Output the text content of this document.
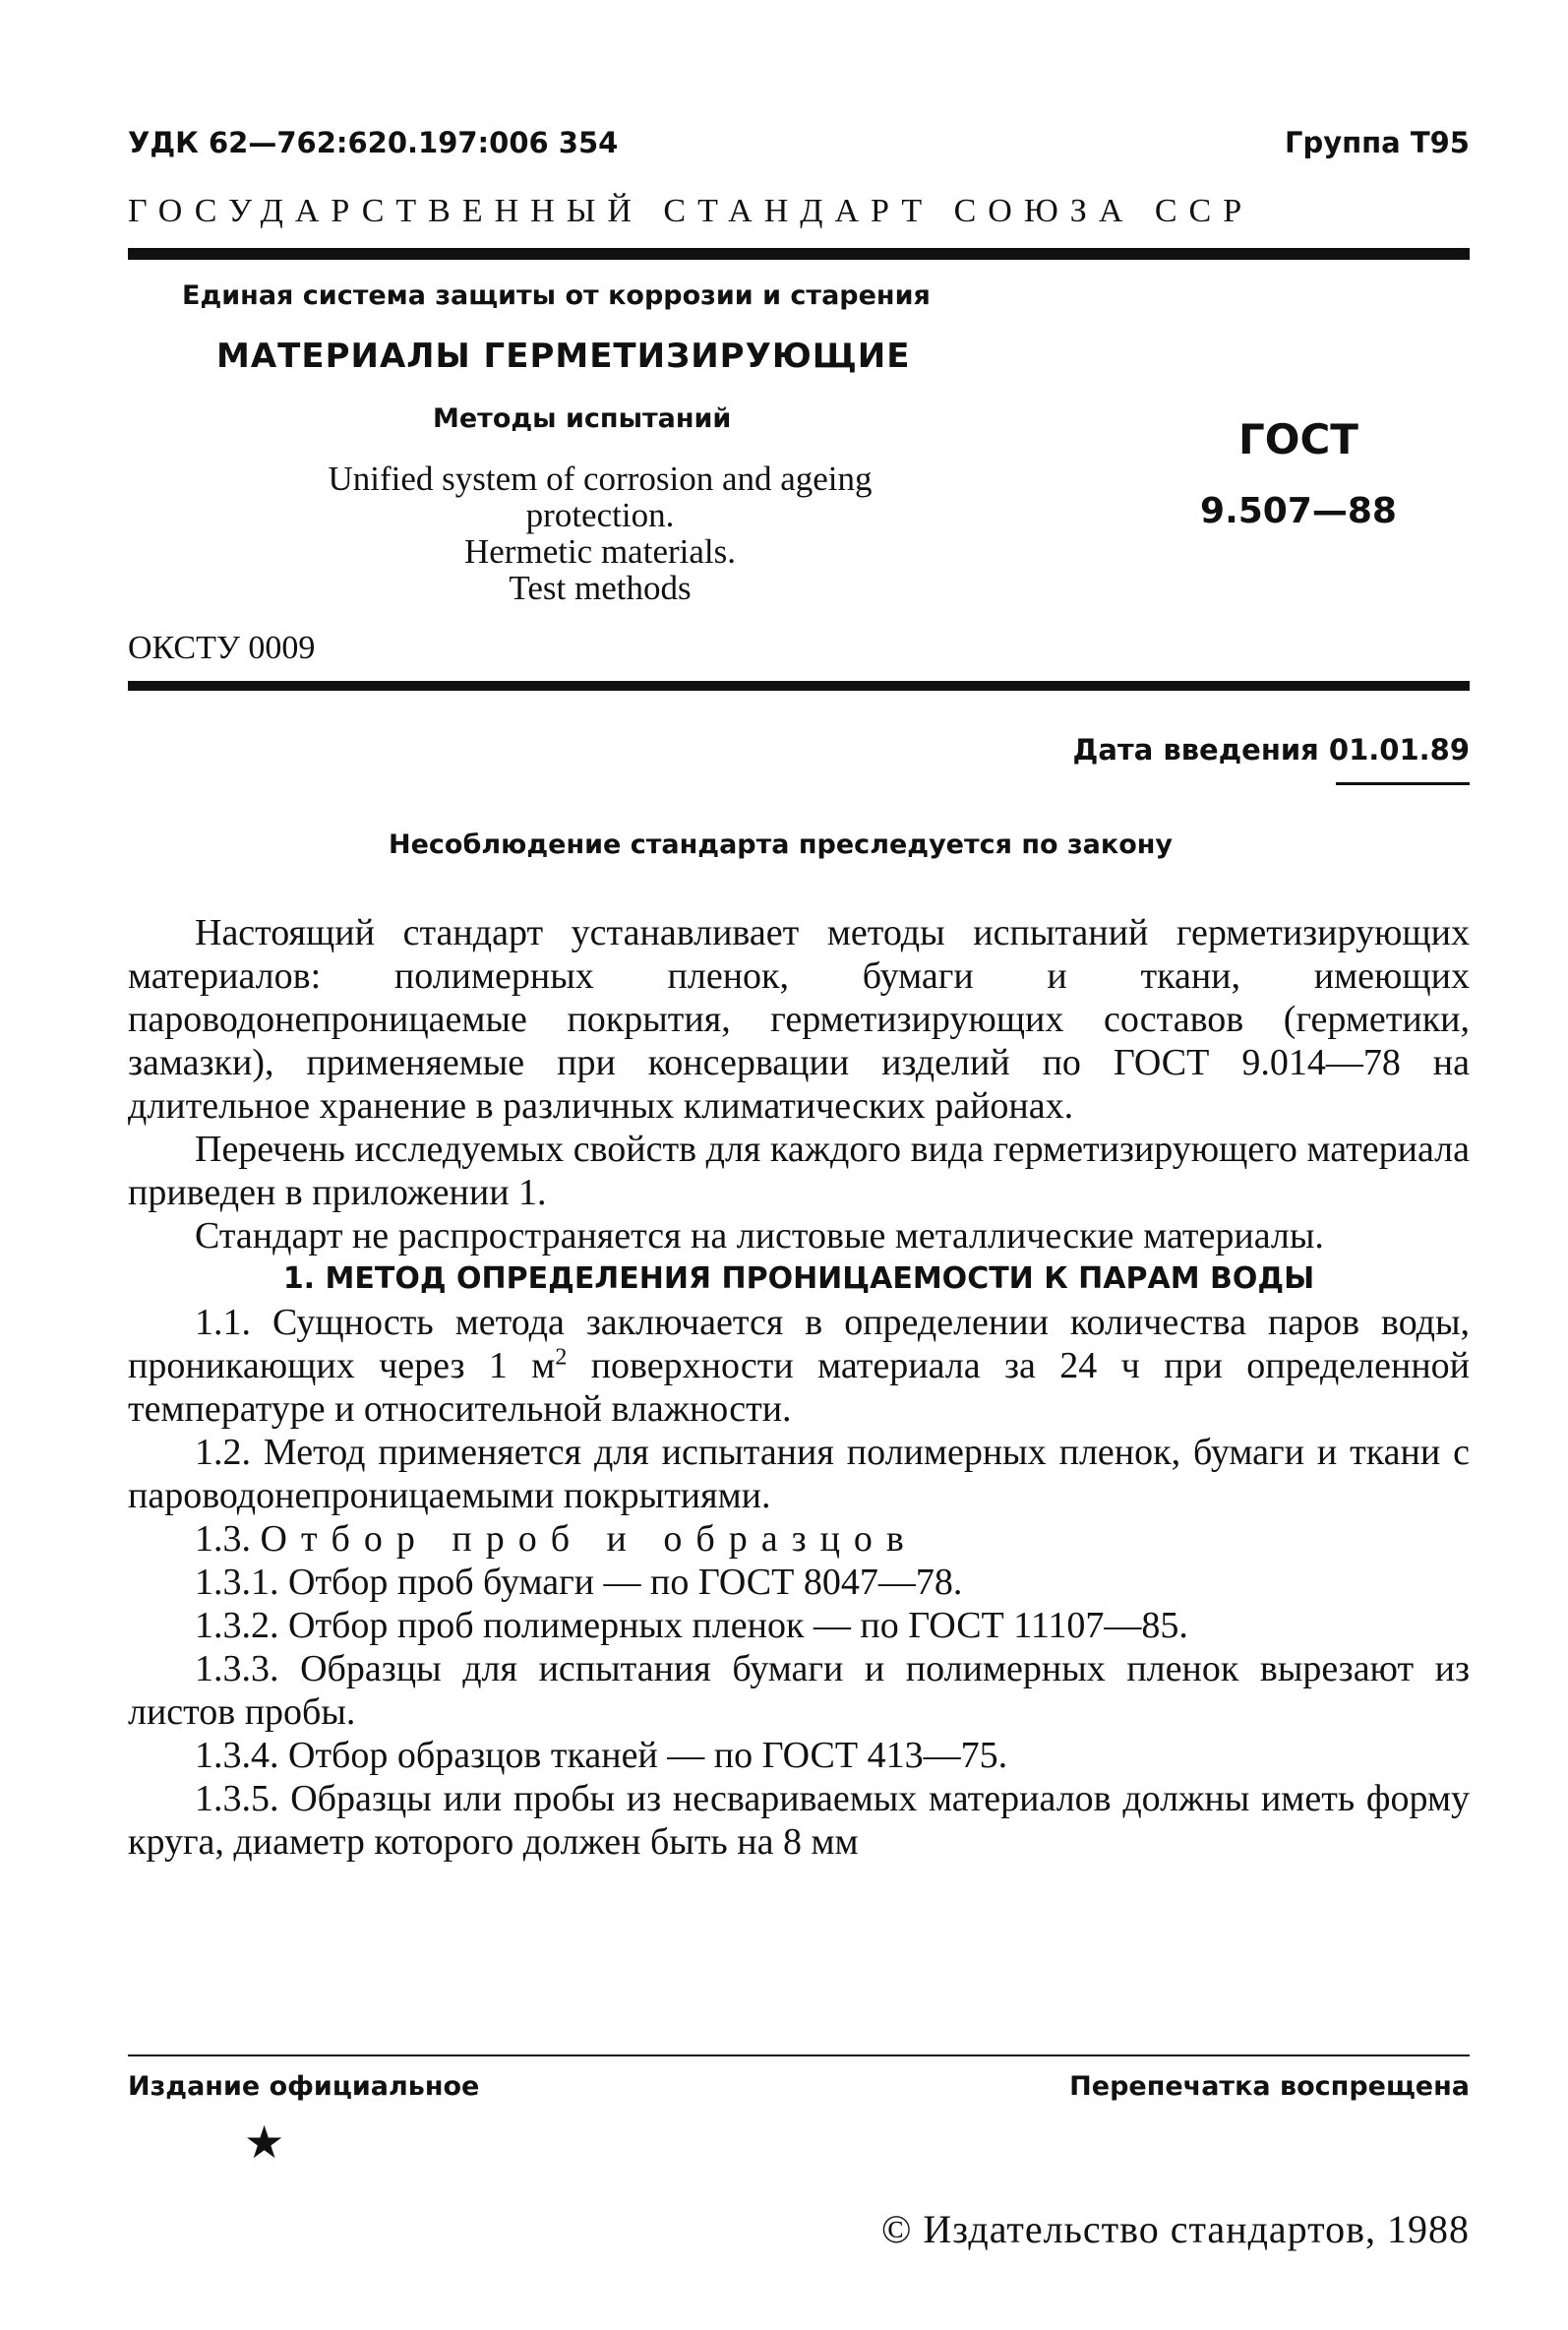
УДК 62—762:620.197:006 354	Группа Т95
ГОСУДАРСТВЕННЫЙ СТАНДАРТ СОЮЗА ССР
Единая система защиты от коррозии и старения
МАТЕРИАЛЫ ГЕРМЕТИЗИРУЮЩИЕ
Методы испытаний
Unified system of corrosion and ageing
protection.
Hermetic materials.
Test methods
ГОСТ
9.507—88
ОКСТУ 0009
Дата введения 01.01.89
Несоблюдение стандарта преследуется по закону

Настоящий стандарт устанавливает методы испытаний герметизирующих материалов: полимерных пленок, бумаги и ткани, имеющих пароводонепроницаемые покрытия, герметизирующих составов (герметики, замазки), применяемые при консервации изделий по ГОСТ 9.014—78 на длительное хранение в различных климатических районах.

Перечень исследуемых свойств для каждого вида герметизирующего материала приведен в приложении 1.

Стандарт не распространяется на листовые металлические материалы.

1. МЕТОД ОПРЕДЕЛЕНИЯ ПРОНИЦАЕМОСТИ К ПАРАМ ВОДЫ

1.1. Сущность метода заключается в определении количества паров воды, проникающих через 1 $м^2$ поверхности материала за 24 ч при определенной температуре и относительной влажности.

1.2. Метод применяется для испытания полимерных пленок, бумаги и ткани с пароводонепроницаемыми покрытиями.

1.3. Отбор проб и образцов

1.3.1. Отбор проб бумаги — по ГОСТ 8047—78.

1.3.2. Отбор проб полимерных пленок — по ГОСТ 11107—85.

1.3.3. Образцы для испытания бумаги и полимерных пленок вырезают из листов пробы.

1.3.4. Отбор образцов тканей — по ГОСТ 413—75.

1.3.5. Образцы или пробы из несвариваемых материалов должны иметь форму круга, диаметр которого должен быть на 8 мм

Издание официальное	Перепечатка воспрещена
★
© Издательство стандартов, 1988
